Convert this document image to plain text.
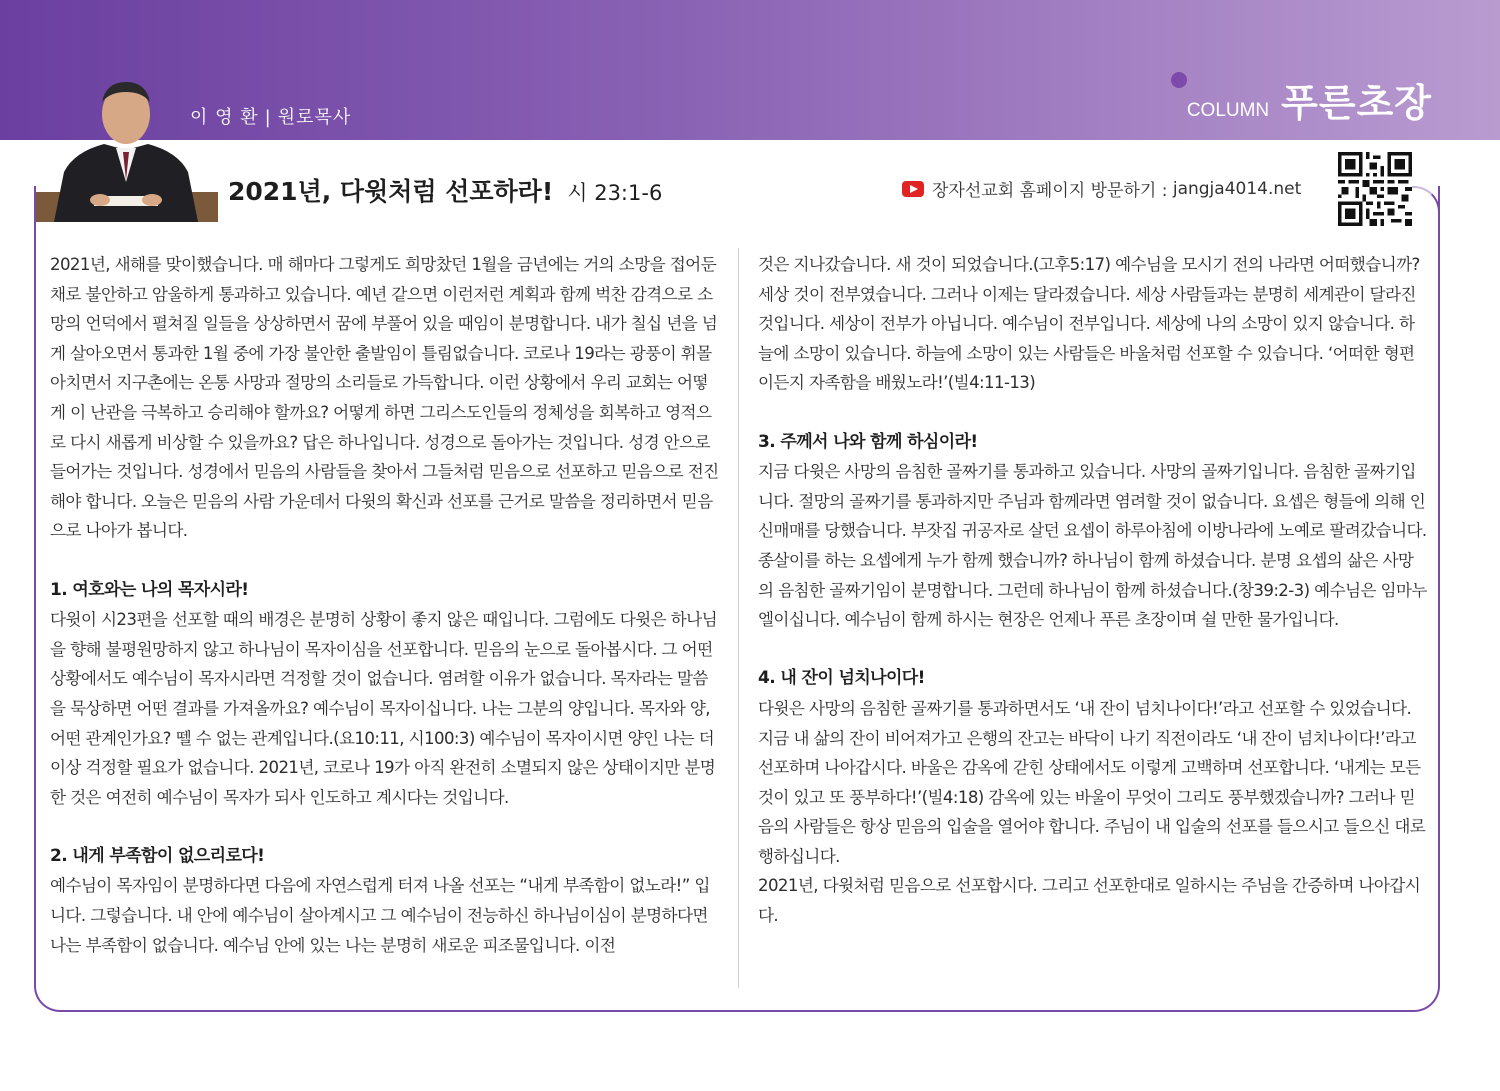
이 영 환 | 원로목사	COLUMN 푸른초장
2021년, 다윗처럼 선포하라! 시 23:1-6	장자선교회 홈페이지 방문하기 :
jangja4014.net

2021년, 새해를 맞이했습니다. 매 해마다 그렇게도 희망찼던 1월을 금년에는 거의 소망을 접어둔 채로 불안하고 암울하게 통과하고 있습니다. 예년 같으면 이런저런 계획과 함께 벅찬 감격으로 소망의 언덕에서 펼쳐질 일들을 상상하면서 꿈에 부풀어 있을 때임이 분명합니다. 내가 칠십 년을 넘게 살아오면서 통과한 1월 중에 가장 불안한 출발임이 틀림없습니다. 코로나 19라는 광풍이 휘몰아치면서 지구촌에는 온통 사망과 절망의 소리들로 가득합니다. 이런 상황에서 우리 교회는 어떻게 이 난관을 극복하고 승리해야 할까요? 어떻게 하면 그리스도인들의 정체성을 회복하고 영적으로 다시 새롭게 비상할 수 있을까요? 답은 하나입니다. 성경으로 돌아가는 것입니다. 성경 안으로 들어가는 것입니다. 성경에서 믿음의 사람들을 찾아서 그들처럼 믿음으로 선포하고 믿음으로 전진해야 합니다. 오늘은 믿음의 사람 가운데서 다윗의 확신과 선포를 근거로 말씀을 정리하면서 믿음으로 나아가 봅니다.

1. 여호와는 나의 목자시라!

다윗이 시23편을 선포할 때의 배경은 분명히 상황이 좋지 않은 때입니다. 그럼에도 다윗은 하나님을 향해 불평원망하지 않고 하나님이 목자이심을 선포합니다. 믿음의 눈으로 돌아봅시다. 그 어떤 상황에서도 예수님이 목자시라면 걱정할 것이 없습니다. 염려할 이유가 없습니다. 목자라는 말씀을 묵상하면 어떤 결과를 가져올까요? 예수님이 목자이십니다. 나는 그분의 양입니다. 목자와 양, 어떤 관계인가요? 뗄 수 없는 관계입니다.(요10:11, 시100:3) 예수님이 목자이시면 양인 나는 더 이상 걱정할 필요가 없습니다. 2021년, 코로나 19가 아직 완전히 소멸되지 않은 상태이지만 분명한 것은 여전히 예수님이 목자가 되사 인도하고 계시다는 것입니다.

2. 내게 부족함이 없으리로다!

예수님이 목자임이 분명하다면 다음에 자연스럽게 터져 나올 선포는 “내게 부족함이 없노라!” 입니다. 그렇습니다. 내 안에 예수님이 살아계시고 그 예수님이 전능하신 하나님이심이 분명하다면 나는 부족함이 없습니다. 예수님 안에 있는 나는 분명히 새로운 피조물입니다. 이전

것은 지나갔습니다. 새 것이 되었습니다.(고후5:17) 예수님을 모시기 전의 나라면 어떠했습니까? 세상 것이 전부였습니다. 그러나 이제는 달라졌습니다. 세상 사람들과는 분명히 세계관이 달라진 것입니다. 세상이 전부가 아닙니다. 예수님이 전부입니다. 세상에 나의 소망이 있지 않습니다. 하늘에 소망이 있습니다. 하늘에 소망이 있는 사람들은 바울처럼 선포할 수 있습니다. ‘어떠한 형편이든지 자족함을 배웠노라!’(빌4:11-13)

3. 주께서 나와 함께 하심이라!

지금 다윗은 사망의 음침한 골짜기를 통과하고 있습니다. 사망의 골짜기입니다. 음침한 골짜기입니다. 절망의 골짜기를 통과하지만 주님과 함께라면 염려할 것이 없습니다. 요셉은 형들에 의해 인신매매를 당했습니다. 부잣집 귀공자로 살던 요셉이 하루아침에 이방나라에 노예로 팔려갔습니다. 종살이를 하는 요셉에게 누가 함께 했습니까? 하나님이 함께 하셨습니다. 분명 요셉의 삶은 사망의 음침한 골짜기임이 분명합니다. 그런데 하나님이 함께 하셨습니다.(창39:2-3) 예수님은 임마누엘이십니다. 예수님이 함께 하시는 현장은 언제나 푸른 초장이며 쉴 만한 물가입니다.

4. 내 잔이 넘치나이다!

다윗은 사망의 음침한 골짜기를 통과하면서도 ‘내 잔이 넘치나이다!’라고 선포할 수 있었습니다. 지금 내 삶의 잔이 비어져가고 은행의 잔고는 바닥이 나기 직전이라도 ‘내 잔이 넘치나이다!’라고 선포하며 나아갑시다. 바울은 감옥에 갇힌 상태에서도 이렇게 고백하며 선포합니다. ‘내게는 모든 것이 있고 또 풍부하다!’(빌4:18) 감옥에 있는 바울이 무엇이 그리도 풍부했겠습니까? 그러나 믿음의 사람들은 항상 믿음의 입술을 열어야 합니다. 주님이 내 입술의 선포를 들으시고 들으신 대로 행하십니다.

2021년, 다윗처럼 믿음으로 선포합시다. 그리고 선포한대로 일하시는 주님을 간증하며 나아갑시다.
